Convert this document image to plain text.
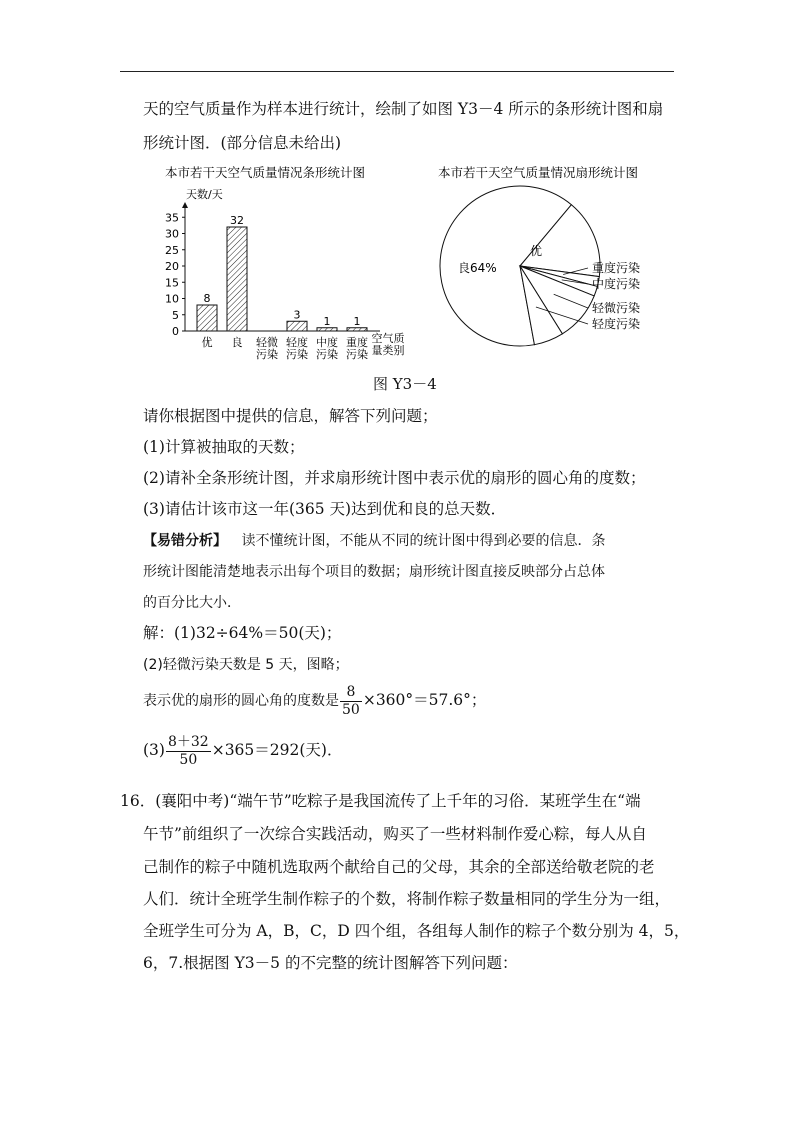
天的空气质量作为样本进行统计，绘制了如图 Y3－4 所示的条形统计图和扇
形统计图．(部分信息未给出)
本市若干天空气质量情况条形统计图
天数/天
0
5
10
15
20
25
30
35
8
32
3 1 1
优 良 轻微
污染
轻度
污染
中度
污染
重度
污染
空气质
量类别
本市若干天空气质量情况扇形统计图
良64%
优
重度污染
中度污染
轻微污染
轻度污染
图 Y3－4
请你根据图中提供的信息，解答下列问题；
(1)计算被抽取的天数；
(2)请补全条形统计图，并求扇形统计图中表示优的扇形的圆心角的度数；
(3)请估计该市这一年(365 天)达到优和良的总天数．
【易错分析】 读不懂统计图，不能从不同的统计图中得到必要的信息．条
形统计图能清楚地表示出每个项目的数据；扇形统计图直接反映部分占总体
的百分比大小．
解：(1)32÷64%＝50(天)；
(2)轻微污染天数是 5 天，图略；
表示优的扇形的圆心角的度数是 $\frac{8}{50} \times 360^\circ=57.6^\circ$；
$(3) \frac{8+32}{50} \times 365=292$(天)．
16．(襄阳中考)“端午节”吃粽子是我国流传了上千年的习俗．某班学生在“端
午节”前组织了一次综合实践活动，购买了一些材料制作爱心粽，每人从自
己制作的粽子中随机选取两个献给自己的父母，其余的全部送给敬老院的老
人们．统计全班学生制作粽子的个数，将制作粽子数量相同的学生分为一组，
全班学生可分为 A，B，C，D 四个组，各组每人制作的粽子个数分别为 4，5，
6，7.根据图 Y3－5 的不完整的统计图解答下列问题：
